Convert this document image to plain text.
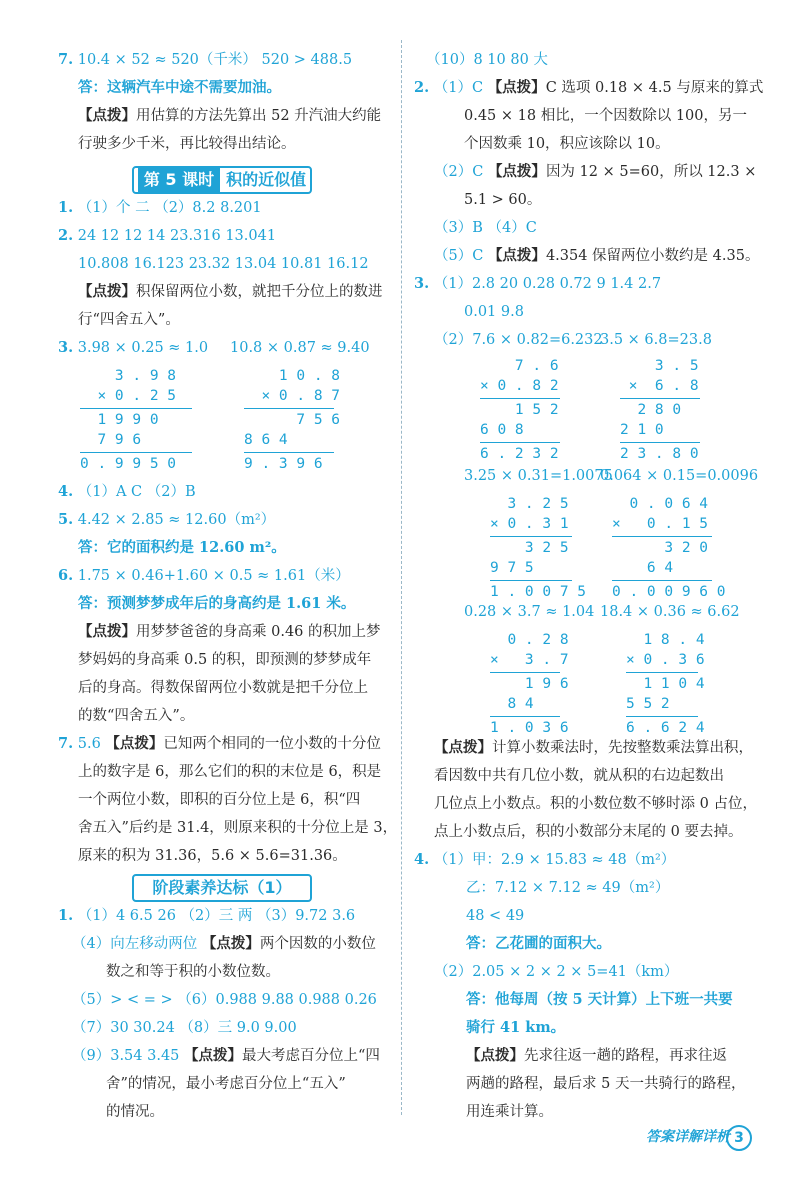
7. 10.4 × 52 ≈ 520（千米） 520 > 488.5
答：这辆汽车中途不需要加油。
【点拨】用估算的方法先算出 52 升汽油大约能
行驶多少千米，再比较得出结论。
第 5 课时 积的近似值
1. （1）个 二 （2）8.2 8.201
2. 24 12 12 14 23.316 13.041
10.808 16.123 23.32 13.04 10.81 16.12
【点拨】积保留两位小数，就把千分位上的数进
行“四舍五入”。
3. 3.98 × 0.25 ≈ 1.0 10.8 × 0.87 ≈ 9.40
3 . 9 8
× 0 . 2 5
1 9 9 0
7 9 6
0 . 9 9 5 0
1 0 . 8
× 0 . 8 7
7 5 6
8 6 4
9 . 3 9 6
4. （1）A C （2）B
5. 4.42 × 2.85 ≈ 12.60（m²）
答：它的面积约是 12.60 m²。
6. 1.75 × 0.46+1.60 × 0.5 ≈ 1.61（米）
答：预测梦梦成年后的身高约是 1.61 米。
【点拨】用梦梦爸爸的身高乘 0.46 的积加上梦
梦妈妈的身高乘 0.5 的积，即预测的梦梦成年
后的身高。得数保留两位小数就是把千分位上
的数“四舍五入”。
7. 5.6 【点拨】已知两个相同的一位小数的十分位
上的数字是 6，那么它们的积的末位是 6，积是
一个两位小数，即积的百分位上是 6，积“四
舍五入”后约是 31.4，则原来积的十分位上是 3，
原来的积为 31.36，5.6 × 5.6=31.36。
阶段素养达标（1）
1. （1）4 6.5 26 （2）三 两 （3）9.72 3.6
（4）向左移动两位 【点拨】两个因数的小数位
数之和等于积的小数位数。
（5）> < = > （6）0.988 9.88 0.988 0.26
（7）30 30.24 （8）三 9.0 9.00
（9）3.54 3.45 【点拨】最大考虑百分位上“四
舍”的情况，最小考虑百分位上“五入”
的情况。
（10）8 10 80 大
2. （1）C 【点拨】C 选项 0.18 × 4.5 与原来的算式
0.45 × 18 相比，一个因数除以 100，另一
个因数乘 10，积应该除以 10。
（2）C 【点拨】因为 12 × 5=60，所以 12.3 ×
5.1 > 60。
（3）B （4）C
（5）C 【点拨】4.354 保留两位小数约是 4.35。
3. （1）2.8 20 0.28 0.72 9 1.4 2.7
0.01 9.8
（2）7.6 × 0.82=6.232
3.5 × 6.8=23.8
7 . 6
× 0 . 8 2
1 5 2
6 0 8
6 . 2 3 2
3 . 5
×  6 . 8
2 8 0
2 1 0
2 3 . 8 0
3.25 × 0.31=1.0075
0.064 × 0.15=0.0096
3 . 2 5
× 0 . 3 1
3 2 5
9 7 5
1 . 0 0 7 5
0 . 0 6 4
×   0 . 1 5
3 2 0
6 4
0 . 0 0 9 6 0
0.28 × 3.7 ≈ 1.04 18.4 × 0.36 ≈ 6.62
0 . 2 8
×   3 . 7
1 9 6
8 4
1 . 0 3 6
1 8 . 4
× 0 . 3 6
1 1 0 4
5 5 2
6 . 6 2 4
【点拨】计算小数乘法时，先按整数乘法算出积，
看因数中共有几位小数，就从积的右边起数出
几位点上小数点。积的小数位数不够时添 0 占位，
点上小数点后，积的小数部分末尾的 0 要去掉。
4. （1）甲：2.9 × 15.83 ≈ 48（m²）
乙：7.12 × 7.12 ≈ 49（m²）
48 < 49
答：乙花圃的面积大。
（2）2.05 × 2 × 2 × 5=41（km）
答：他每周（按 5 天计算）上下班一共要
骑行 41 km。
【点拨】先求往返一趟的路程，再求往返
两趟的路程，最后求 5 天一共骑行的路程，
用连乘计算。
答案详解详析 3
